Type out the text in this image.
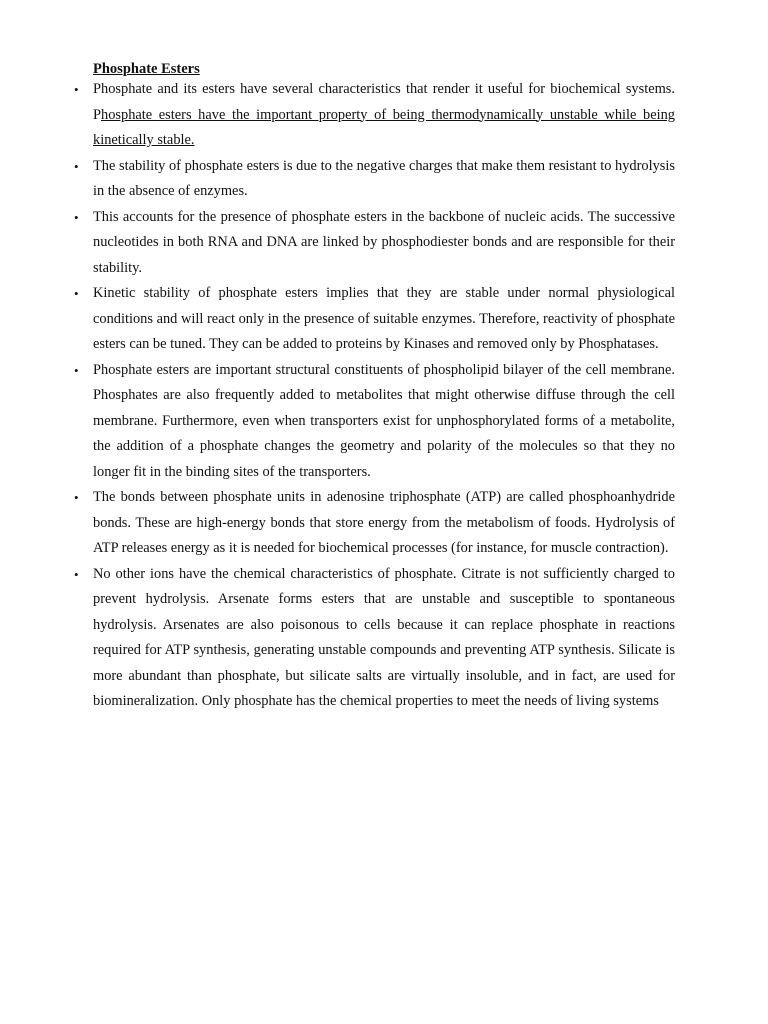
Phosphate Esters
• Phosphate and its esters have several characteristics that render it useful for biochemical systems. Phosphate esters have the important property of being thermodynamically unstable while being kinetically stable.
• The stability of phosphate esters is due to the negative charges that make them resistant to hydrolysis in the absence of enzymes.
• This accounts for the presence of phosphate esters in the backbone of nucleic acids. The successive nucleotides in both RNA and DNA are linked by phosphodiester bonds and are responsible for their stability.
• Kinetic stability of phosphate esters implies that they are stable under normal physiological conditions and will react only in the presence of suitable enzymes. Therefore, reactivity of phosphate esters can be tuned. They can be added to proteins by Kinases and removed only by Phosphatases.
• Phosphate esters are important structural constituents of phospholipid bilayer of the cell membrane. Phosphates are also frequently added to metabolites that might otherwise diffuse through the cell membrane. Furthermore, even when transporters exist for unphosphorylated forms of a metabolite, the addition of a phosphate changes the geometry and polarity of the molecules so that they no longer fit in the binding sites of the transporters.
• The bonds between phosphate units in adenosine triphosphate (ATP) are called phosphoanhydride bonds. These are high-energy bonds that store energy from the metabolism of foods. Hydrolysis of ATP releases energy as it is needed for biochemical processes (for instance, for muscle contraction).
• No other ions have the chemical characteristics of phosphate. Citrate is not sufficiently charged to prevent hydrolysis. Arsenate forms esters that are unstable and susceptible to spontaneous hydrolysis. Arsenates are also poisonous to cells because it can replace phosphate in reactions required for ATP synthesis, generating unstable compounds and preventing ATP synthesis. Silicate is more abundant than phosphate, but silicate salts are virtually insoluble, and in fact, are used for biomineralization. Only phosphate has the chemical properties to meet the needs of living systems
